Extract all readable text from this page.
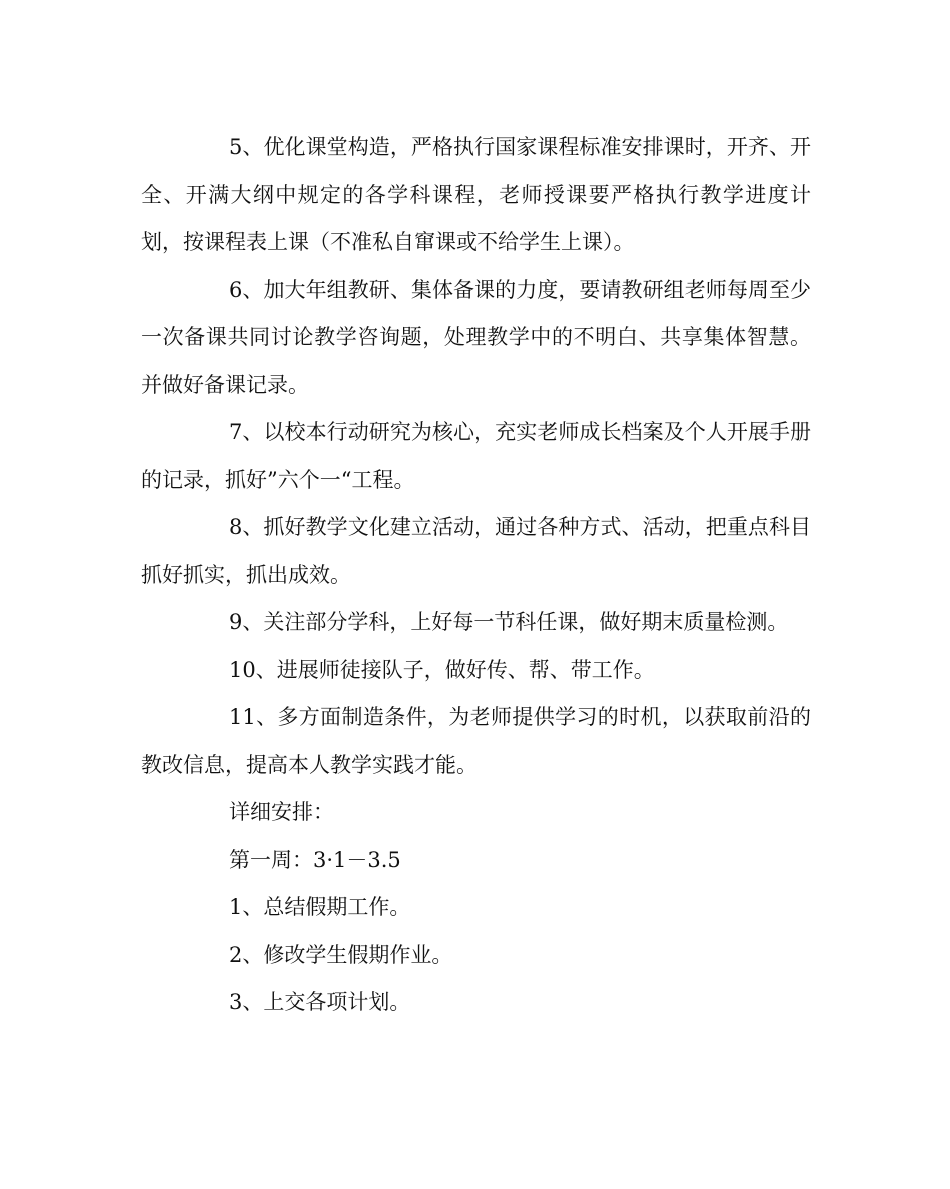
5、优化课堂构造，严格执行国家课程标准安排课时，开齐、开全、开满大纲中规定的各学科课程，老师授课要严格执行教学进度计划，按课程表上课（不准私自窜课或不给学生上课）。

6、加大年组教研、集体备课的力度，要请教研组老师每周至少一次备课共同讨论教学咨询题，处理教学中的不明白、共享集体智慧。并做好备课记录。

7、以校本行动研究为核心，充实老师成长档案及个人开展手册的记录，抓好”六个一“工程。

8、抓好教学文化建立活动，通过各种方式、活动，把重点科目抓好抓实，抓出成效。

9、关注部分学科，上好每一节科任课，做好期末质量检测。

10、进展师徒接队子，做好传、帮、带工作。

11、多方面制造条件，为老师提供学习的时机，以获取前沿的教改信息，提高本人教学实践才能。

详细安排：

第一周：3·1－3.5

1、总结假期工作。

2、修改学生假期作业。

3、上交各项计划。
